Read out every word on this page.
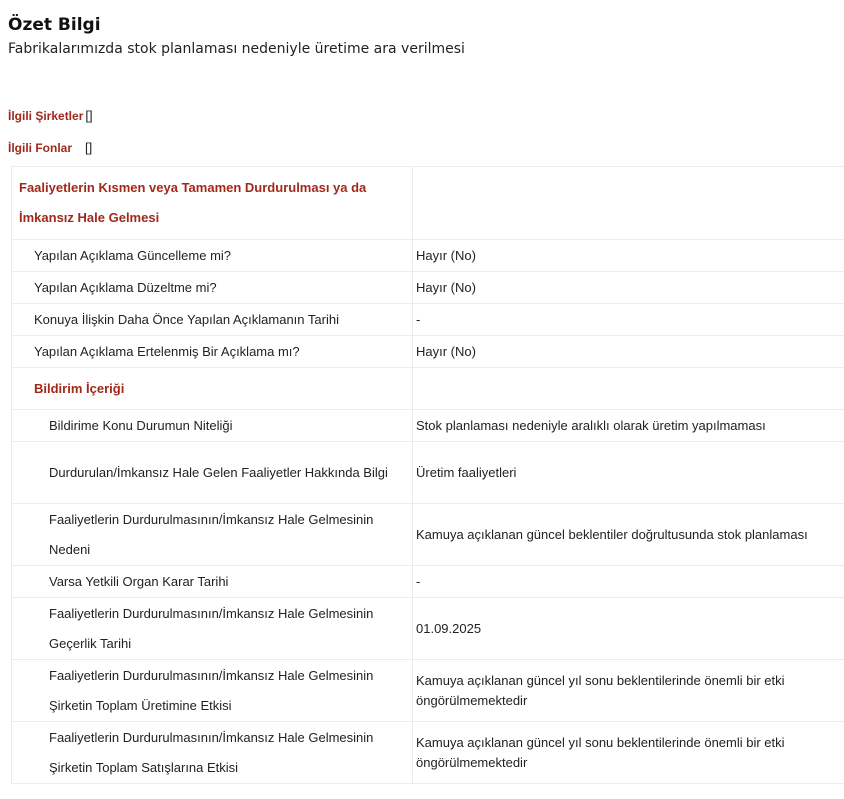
Özet Bilgi
Fabrikalarımızda stok planlaması nedeniyle üretime ara verilmesi
İlgili Şirketler []
İlgili Fonlar []
Faaliyetlerin Kısmen veya Tamamen Durdurulması ya da İmkansız Hale Gelmesi	
Yapılan Açıklama Güncelleme mi?	Hayır (No)
Yapılan Açıklama Düzeltme mi?	Hayır (No)
Konuya İlişkin Daha Önce Yapılan Açıklamanın Tarihi	-
Yapılan Açıklama Ertelenmiş Bir Açıklama mı?	Hayır (No)
Bildirim İçeriği	
Bildirime Konu Durumun Niteliği	Stok planlaması nedeniyle aralıklı olarak üretim yapılmaması
Durdurulan/İmkansız Hale Gelen Faaliyetler Hakkında Bilgi	Üretim faaliyetleri
Faaliyetlerin Durdurulmasının/İmkansız Hale Gelmesinin Nedeni	Kamuya açıklanan güncel beklentiler doğrultusunda stok planlaması
Varsa Yetkili Organ Karar Tarihi	-
Faaliyetlerin Durdurulmasının/İmkansız Hale Gelmesinin Geçerlik Tarihi	01.09.2025
Faaliyetlerin Durdurulmasının/İmkansız Hale Gelmesinin Şirketin Toplam Üretimine Etkisi	Kamuya açıklanan güncel yıl sonu beklentilerinde önemli bir etki öngörülmemektedir
Faaliyetlerin Durdurulmasının/İmkansız Hale Gelmesinin Şirketin Toplam Satışlarına Etkisi	Kamuya açıklanan güncel yıl sonu beklentilerinde önemli bir etki öngörülmemektedir
